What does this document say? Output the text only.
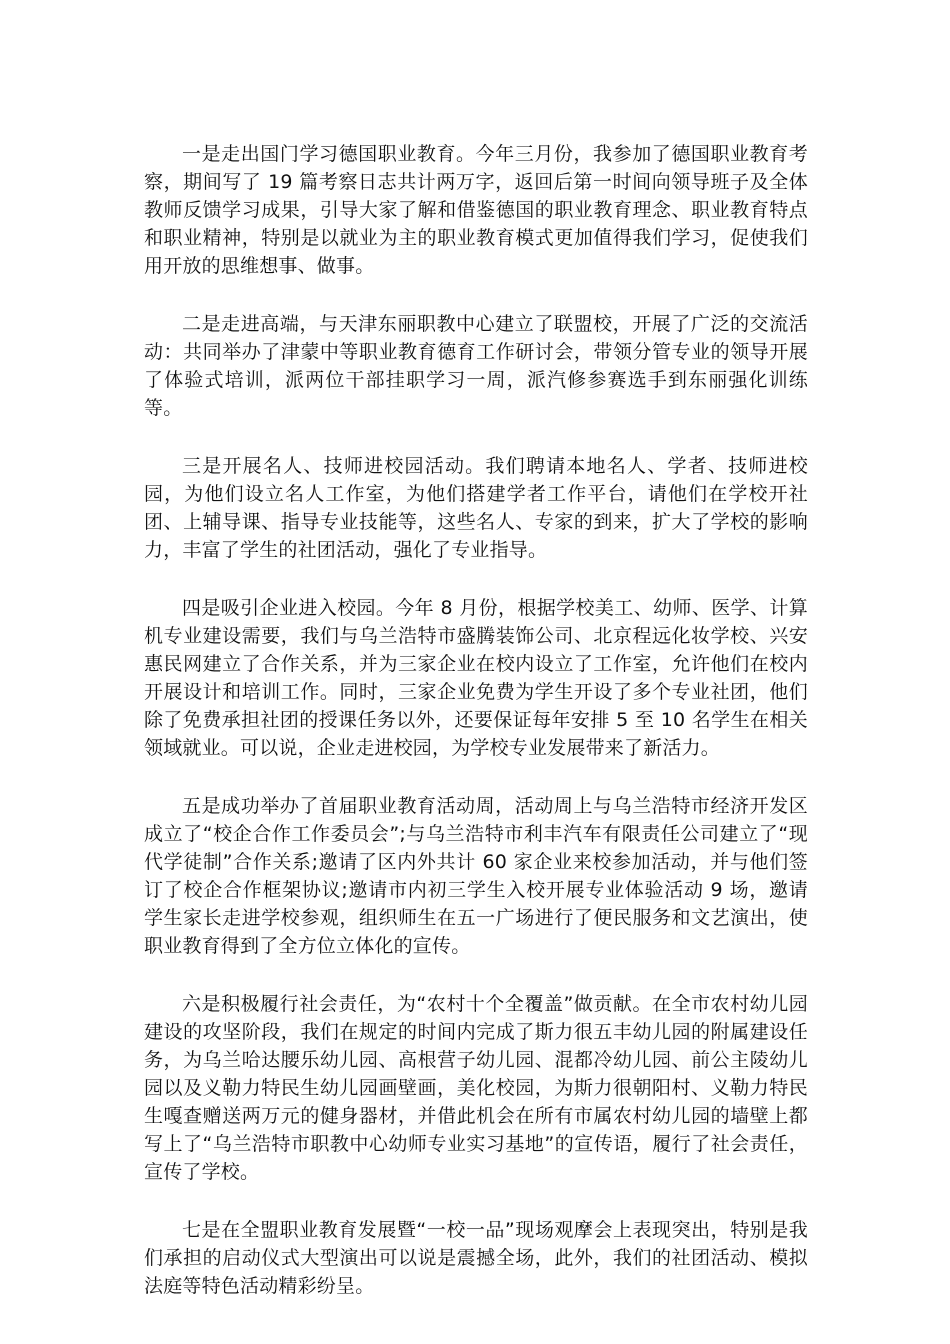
一是走出国门学习德国职业教育。今年三月份，我参加了德国职业教育考察，期间写了 19 篇考察日志共计两万字，返回后第一时间向领导班子及全体教师反馈学习成果，引导大家了解和借鉴德国的职业教育理念、职业教育特点和职业精神，特别是以就业为主的职业教育模式更加值得我们学习，促使我们用开放的思维想事、做事。

二是走进高端，与天津东丽职教中心建立了联盟校，开展了广泛的交流活动：共同举办了津蒙中等职业教育德育工作研讨会，带领分管专业的领导开展了体验式培训，派两位干部挂职学习一周，派汽修参赛选手到东丽强化训练等。

三是开展名人、技师进校园活动。我们聘请本地名人、学者、技师进校园，为他们设立名人工作室，为他们搭建学者工作平台，请他们在学校开社团、上辅导课、指导专业技能等，这些名人、专家的到来，扩大了学校的影响力，丰富了学生的社团活动，强化了专业指导。

四是吸引企业进入校园。今年 8 月份，根据学校美工、幼师、医学、计算机专业建设需要，我们与乌兰浩特市盛腾装饰公司、北京程远化妆学校、兴安惠民网建立了合作关系，并为三家企业在校内设立了工作室，允许他们在校内开展设计和培训工作。同时，三家企业免费为学生开设了多个专业社团，他们除了免费承担社团的授课任务以外，还要保证每年安排 5 至 10 名学生在相关领域就业。可以说，企业走进校园，为学校专业发展带来了新活力。

五是成功举办了首届职业教育活动周，活动周上与乌兰浩特市经济开发区成立了“校企合作工作委员会”;与乌兰浩特市利丰汽车有限责任公司建立了“现代学徒制”合作关系;邀请了区内外共计 60 家企业来校参加活动，并与他们签订了校企合作框架协议;邀请市内初三学生入校开展专业体验活动 9 场，邀请学生家长走进学校参观，组织师生在五一广场进行了便民服务和文艺演出，使职业教育得到了全方位立体化的宣传。

六是积极履行社会责任，为“农村十个全覆盖”做贡献。在全市农村幼儿园建设的攻坚阶段，我们在规定的时间内完成了斯力很五丰幼儿园的附属建设任务，为乌兰哈达腰乐幼儿园、高根营子幼儿园、混都冷幼儿园、前公主陵幼儿园以及义勒力特民生幼儿园画壁画，美化校园，为斯力很朝阳村、义勒力特民生嘎查赠送两万元的健身器材，并借此机会在所有市属农村幼儿园的墙壁上都写上了“乌兰浩特市职教中心幼师专业实习基地”的宣传语，履行了社会责任，宣传了学校。

七是在全盟职业教育发展暨“一校一品”现场观摩会上表现突出，特别是我们承担的启动仪式大型演出可以说是震撼全场，此外，我们的社团活动、模拟法庭等特色活动精彩纷呈。
